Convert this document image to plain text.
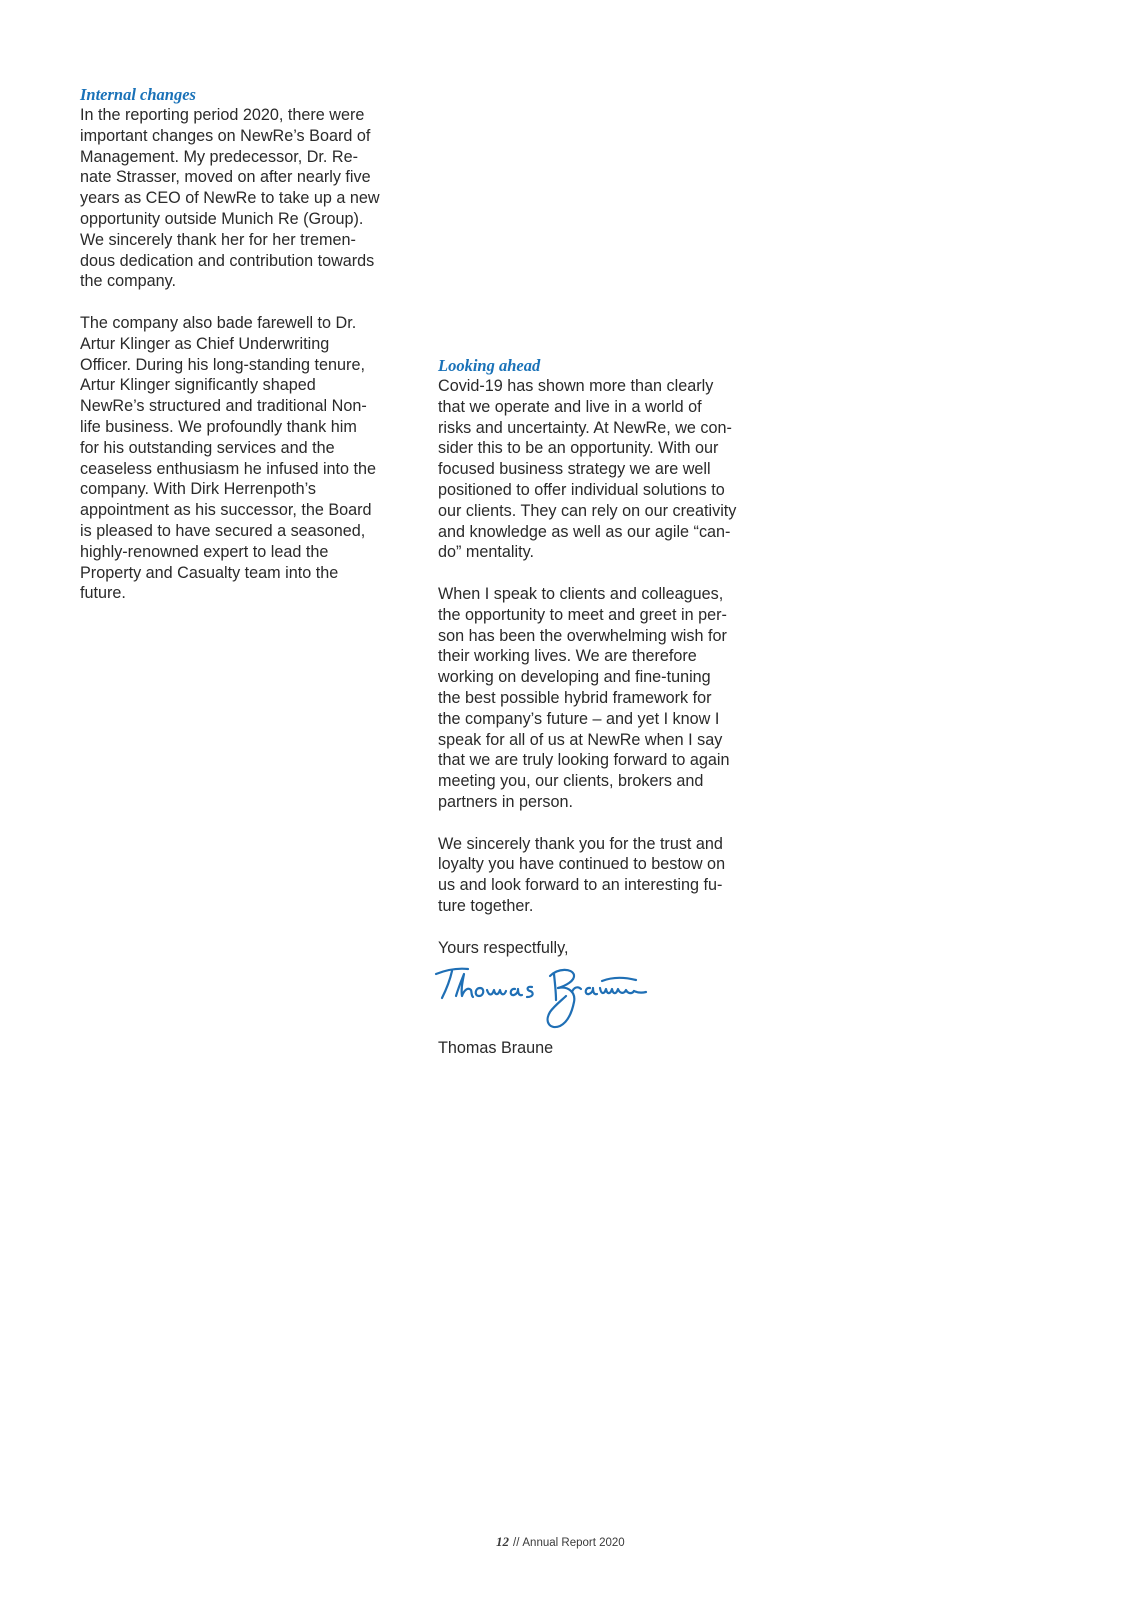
Internal changes

In the reporting period 2020, there were
important changes on NewRe’s Board of
Management. My predecessor, Dr. Re-
nate Strasser, moved on after nearly five
years as CEO of NewRe to take up a new
opportunity outside Munich Re (Group).
We sincerely thank her for her tremen-
dous dedication and contribution towards
the company.

The company also bade farewell to Dr.
Artur Klinger as Chief Underwriting
Officer. During his long-standing tenure,
Artur Klinger significantly shaped
NewRe’s structured and traditional Non-
life business. We profoundly thank him
for his outstanding services and the
ceaseless enthusiasm he infused into the
company. With Dirk Herrenpoth’s
appointment as his successor, the Board
is pleased to have secured a seasoned,
highly-renowned expert to lead the
Property and Casualty team into the
future.

Looking ahead

Covid-19 has shown more than clearly
that we operate and live in a world of
risks and uncertainty. At NewRe, we con-
sider this to be an opportunity. With our
focused business strategy we are well
positioned to offer individual solutions to
our clients. They can rely on our creativity
and knowledge as well as our agile “can-
do” mentality.

When I speak to clients and colleagues,
the opportunity to meet and greet in per-
son has been the overwhelming wish for
their working lives. We are therefore
working on developing and fine-tuning
the best possible hybrid framework for
the company’s future – and yet I know I
speak for all of us at NewRe when I say
that we are truly looking forward to again
meeting you, our clients, brokers and
partners in person.

We sincerely thank you for the trust and
loyalty you have continued to bestow on
us and look forward to an interesting fu-
ture together.

Yours respectfully,

Thomas Braune

Thomas Braune

12 // Annual Report 2020
